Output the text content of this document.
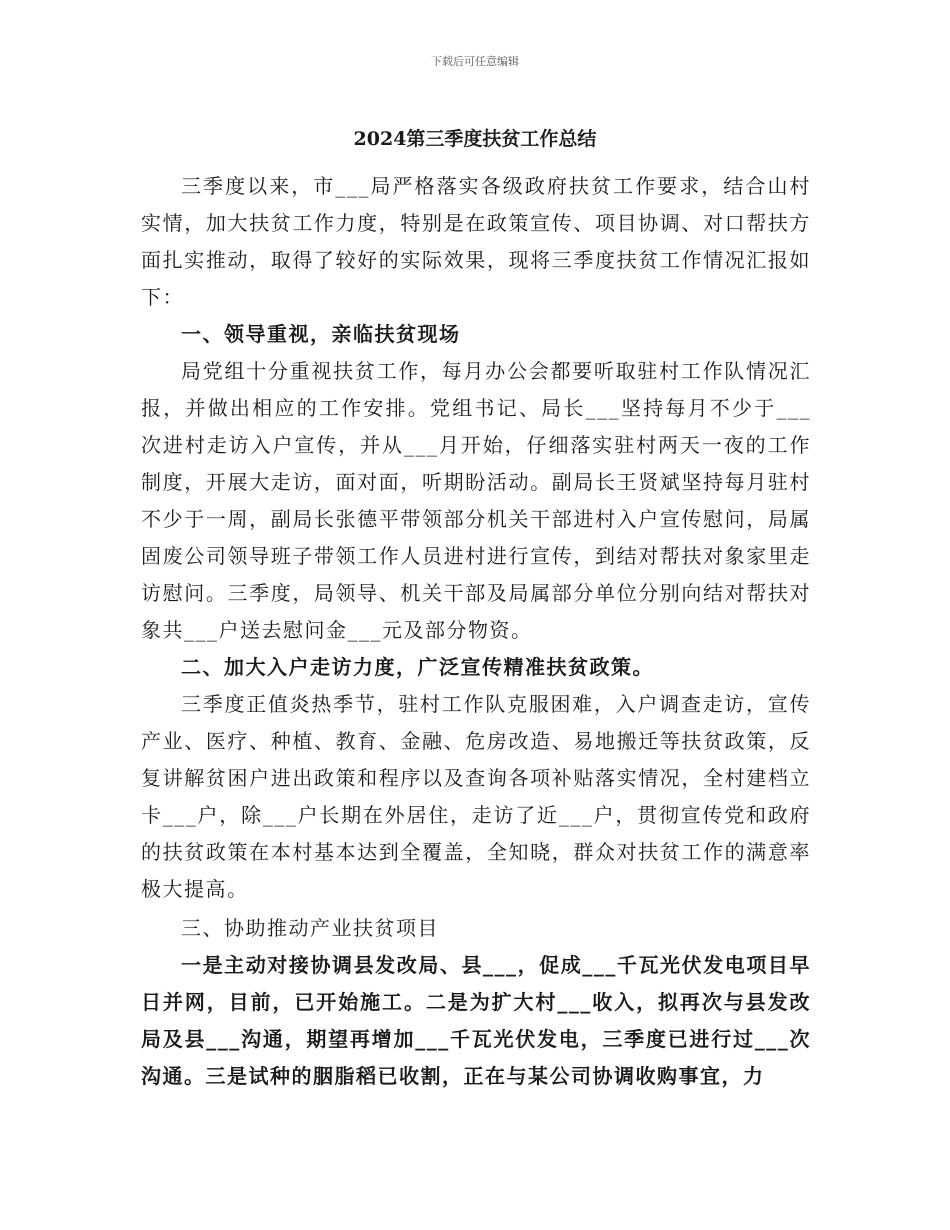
下载后可任意编辑
2024第三季度扶贫工作总结

三季度以来，市___局严格落实各级政府扶贫工作要求，结合山村实情，加大扶贫工作力度，特别是在政策宣传、项目协调、对口帮扶方面扎实推动，取得了较好的实际效果，现将三季度扶贫工作情况汇报如下：

一、领导重视，亲临扶贫现场

局党组十分重视扶贫工作，每月办公会都要听取驻村工作队情况汇报，并做出相应的工作安排。党组书记、局长___坚持每月不少于___次进村走访入户宣传，并从___月开始，仔细落实驻村两天一夜的工作制度，开展大走访，面对面，听期盼活动。副局长王贤斌坚持每月驻村不少于一周，副局长张德平带领部分机关干部进村入户宣传慰问，局属固废公司领导班子带领工作人员进村进行宣传，到结对帮扶对象家里走访慰问。三季度，局领导、机关干部及局属部分单位分别向结对帮扶对象共___户送去慰问金___元及部分物资。

二、加大入户走访力度，广泛宣传精准扶贫政策。

三季度正值炎热季节，驻村工作队克服困难，入户调查走访，宣传产业、医疗、种植、教育、金融、危房改造、易地搬迁等扶贫政策，反复讲解贫困户进出政策和程序以及查询各项补贴落实情况，全村建档立卡___户，除___户长期在外居住，走访了近___户，贯彻宣传党和政府的扶贫政策在本村基本达到全覆盖，全知晓，群众对扶贫工作的满意率极大提高。

三、协助推动产业扶贫项目

一是主动对接协调县发改局、县___，促成___千瓦光伏发电项目早日并网，目前，已开始施工。二是为扩大村___收入，拟再次与县发改局及县___沟通，期望再增加___千瓦光伏发电，三季度已进行过___次沟通。三是试种的胭脂稻已收割，正在与某公司协调收购事宜，力
